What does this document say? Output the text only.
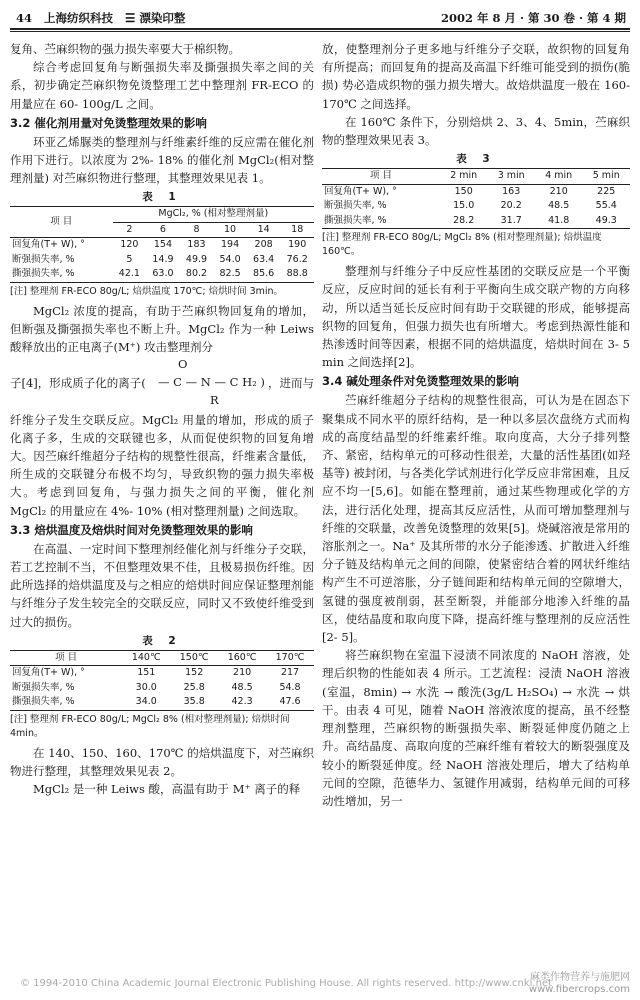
44 上海纺织科技 ☰ 漂染印整	2002 年 8 月 · 第 30 卷 · 第 4 期

复角、苎麻织物的强力损失率要大于棉织物。

综合考虑回复角与断强损失率及撕强损失率之间的关系，初步确定苎麻织物免烫整理工艺中整理剂 FR-ECO 的用量应在 60- 100g/L 之间。

3.2 催化剂用量对免烫整理效果的影响

环亚乙烯脲类的整理剂与纤维素纤维的反应需在催化剂作用下进行。以浓度为 2%- 18% 的催化剂 MgCl₂(相对整理剂量) 对苎麻织物进行整理，其整理效果见表 1。

表 1
项 目	MgCl₂, % (相对整理剂量)					
	2	6	8	10	14	18
回复角(T+ W), °	120	154	183	194	208	190
断强损失率, %	5	14.9	49.9	54.0	63.4	76.2
撕强损失率, %	42.1	63.0	80.2	82.5	85.6	88.8
[注] 整理剂 FR-ECO 80g/L; 焙烘温度 170℃; 焙烘时间 3min。

MgCl₂ 浓度的提高，有助于苎麻织物回复角的增加，但断强及撕强损失率也不断上升。MgCl₂ 作为一种 Leiws 酸释放出的正电离子(M⁺) 攻击整理剂分

O
子[4]，形成质子化的离子( — C — N — C H₂ ) ，进而与
R

纤维分子发生交联反应。MgCl₂ 用量的增加，形成的质子化离子多，生成的交联键也多，从而促使织物的回复角增大。因苎麻纤维超分子结构的规整性很高，纤维素含量低，所生成的交联键分布极不均匀，导致织物的强力损失率极大。考虑到回复角，与强力损失之间的平衡，催化剂 MgCl₂ 的用量应在 4%- 10% (相对整理剂量) 之间选取。

3.3 焙烘温度及焙烘时间对免烫整理效果的影响

在高温、一定时间下整理剂经催化剂与纤维分子交联，若工艺控制不当，不但整理效果不佳，且极易损伤纤维。因此所选择的焙烘温度及与之相应的焙烘时间应保证整理剂能与纤维分子发生较完全的交联反应，同时又不致使纤维受到过大的损伤。

表 2
项 目	140℃	150℃	160℃	170℃
回复角(T+ W), °	151	152	210	217
断强损失率, %	30.0	25.8	48.5	54.8
撕强损失率, %	34.0	35.8	42.3	47.6
[注] 整理剂 FR-ECO 80g/L; MgCl₂ 8% (相对整理剂量); 焙烘时间 4min。

在 140、150、160、170℃ 的焙烘温度下，对苎麻织物进行整理，其整理效果见表 2。

MgCl₂ 是一种 Leiws 酸，高温有助于 M⁺ 离子的释

放，使整理剂分子更多地与纤维分子交联，故织物的回复角有所提高；而回复角的提高及高温下纤维可能受到的损伤(脆损) 势必造成织物的强力损失增大。故焙烘温度一般在 160- 170℃ 之间选择。

在 160℃ 条件下，分别焙烘 2、3、4、5min，苎麻织物的整理效果见表 3。

表 3
项 目	2 min	3 min	4 min	5 min
回复角(T+ W), °	150	163	210	225
断强损失率, %	15.0	20.2	48.5	55.4
撕强损失率, %	28.2	31.7	41.8	49.3
[注] 整理剂 FR-ECO 80g/L; MgCl₂ 8% (相对整理剂量); 焙烘温度 160℃。

整理剂与纤维分子中反应性基团的交联反应是一个平衡反应，反应时间的延长有利于平衡向生成交联产物的方向移动，所以适当延长反应时间有助于交联键的形成，能够提高织物的回复角，但强力损失也有所增大。考虑到热源性能和热渗透时间等因素，根据不同的焙烘温度，焙烘时间在 3- 5 min 之间选择[2]。

3.4 碱处理条件对免烫整理效果的影响

苎麻纤维超分子结构的规整性很高，可认为是在固态下聚集成不同水平的原纤结构，是一种以多层次盘绕方式而构成的高度结晶型的纤维素纤维。取向度高，大分子排列整齐、紧密，结构单元的可移动性很差，大量的活性基团(如羟基等) 被封闭，与各类化学试剂进行化学反应非常困难，且反应不均一[5,6]。如能在整理前，通过某些物理或化学的方法，进行活化处理，提高其反应活性，从而可增加整理剂与纤维的交联量，改善免烫整理的效果[5]。烧碱溶液是常用的溶胀剂之一。Na⁺ 及其所带的水分子能渗透、扩散进入纤维分子链及结构单元之间的间隙，使紧密结合着的网状纤维结构产生不可逆溶胀，分子链间距和结构单元间的空隙增大，氢键的强度被削弱，甚至断裂，并能部分地渗入纤维的晶区，使结晶度和取向度下降，提高纤维与整理剂的反应活性[2- 5]。

将苎麻织物在室温下浸渍不同浓度的 NaOH 溶液，处理后织物的性能如表 4 所示。工艺流程：浸渍 NaOH 溶液(室温，8min) → 水洗 → 酸洗(3g/L H₂SO₄) → 水洗 → 烘干。由表 4 可见，随着 NaOH 溶液浓度的提高，虽不经整理剂整理，苎麻织物的断强损失率、断裂延伸度仍随之上升。高结晶度、高取向度的苎麻纤维有着较大的断裂强度及较小的断裂延伸度。经 NaOH 溶液处理后，增大了结构单元间的空隙，范德华力、氢键作用减弱，结构单元间的可移动性增加，另一

© 1994-2010 China Academic Journal Electronic Publishing House. All rights reserved. http://www.cnki.net
麻类作物营养与施肥网
www.fibercrops.com
